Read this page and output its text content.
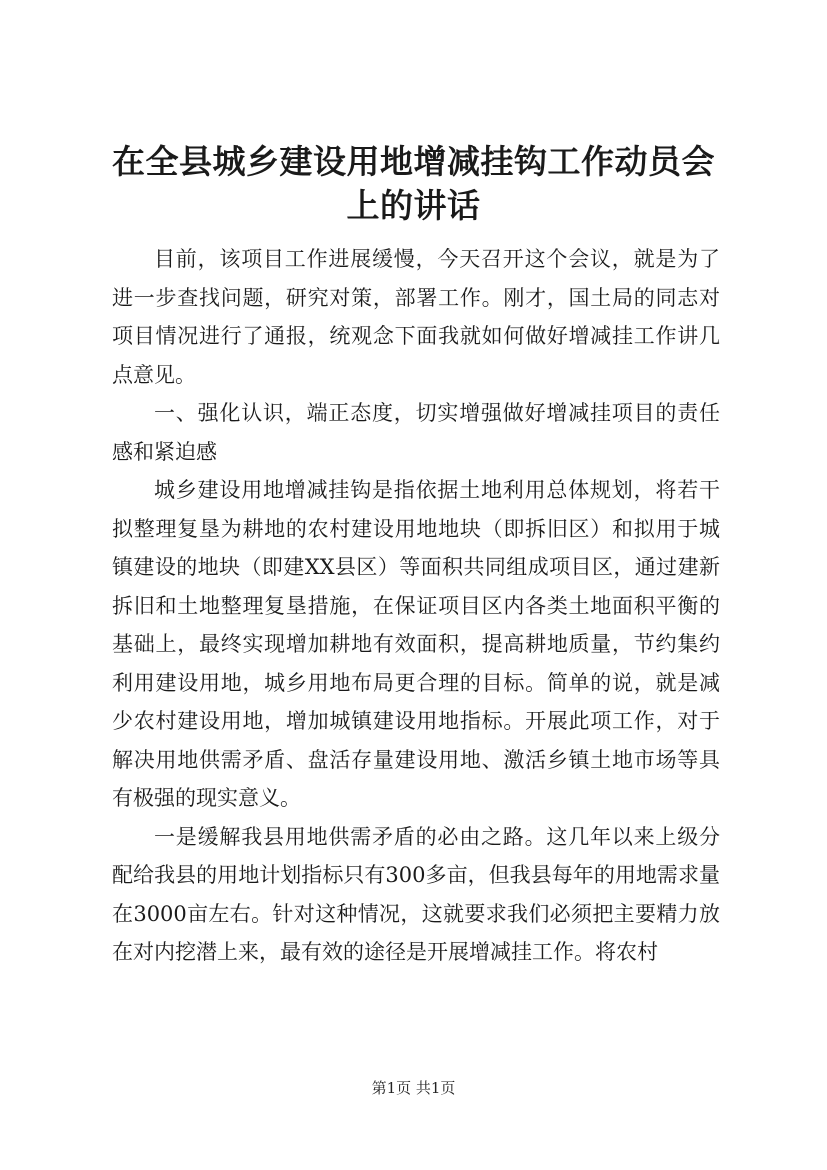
在全县城乡建设用地增减挂钩工作动员会上的讲话

目前，该项目工作进展缓慢，今天召开这个会议，就是为了进一步查找问题，研究对策，部署工作。刚才，国土局的同志对项目情况进行了通报，统观念下面我就如何做好增减挂工作讲几点意见。

一、强化认识，端正态度，切实增强做好增减挂项目的责任感和紧迫感

城乡建设用地增减挂钩是指依据土地利用总体规划，将若干拟整理复垦为耕地的农村建设用地地块（即拆旧区）和拟用于城镇建设的地块（即建XX县区）等面积共同组成项目区，通过建新拆旧和土地整理复垦措施，在保证项目区内各类土地面积平衡的基础上，最终实现增加耕地有效面积，提高耕地质量，节约集约利用建设用地，城乡用地布局更合理的目标。简单的说，就是减少农村建设用地，增加城镇建设用地指标。开展此项工作，对于解决用地供需矛盾、盘活存量建设用地、激活乡镇土地市场等具有极强的现实意义。

一是缓解我县用地供需矛盾的必由之路。这几年以来上级分配给我县的用地计划指标只有300多亩，但我县每年的用地需求量在3000亩左右。针对这种情况，这就要求我们必须把主要精力放在对内挖潜上来，最有效的途径是开展增减挂工作。将农村

第1页 共1页
